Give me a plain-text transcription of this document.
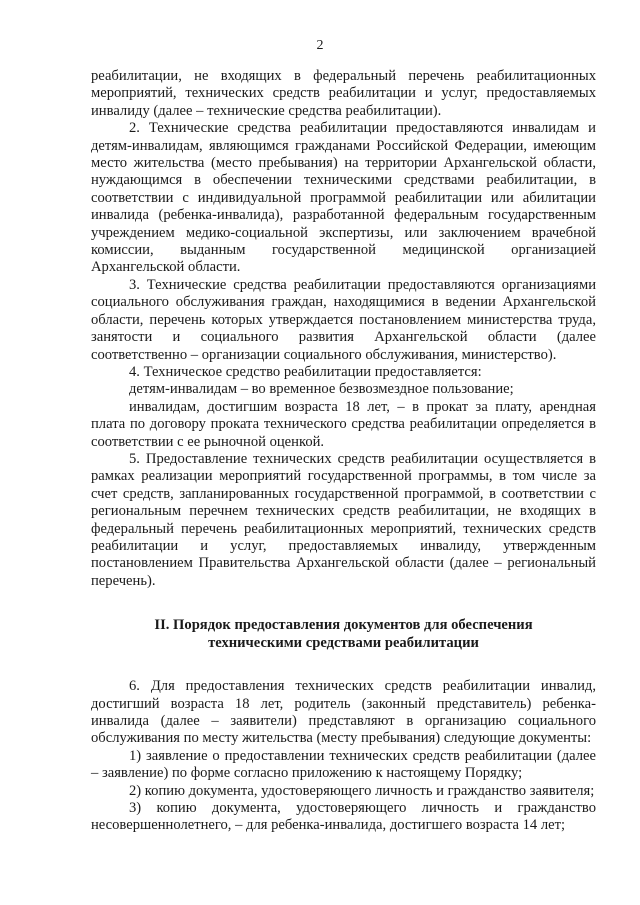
2

реабилитации, не входящих в федеральный перечень реабилитационных мероприятий, технических средств реабилитации и услуг, предоставляемых инвалиду (далее – технические средства реабилитации).

2. Технические средства реабилитации предоставляются инвалидам и детям-инвалидам, являющимся гражданами Российской Федерации, имеющим место жительства (место пребывания) на территории Архангельской области, нуждающимся в обеспечении техническими средствами реабилитации, в соответствии с индивидуальной программой реабилитации или абилитации инвалида (ребенка-инвалида), разработанной федеральным государственным учреждением медико-социальной экспертизы, или заключением врачебной комиссии, выданным государственной медицинской организацией Архангельской области.

3. Технические средства реабилитации предоставляются организациями социального обслуживания граждан, находящимися в ведении Архангельской области, перечень которых утверждается постановлением министерства труда, занятости и социального развития Архангельской области (далее соответственно – организации социального обслуживания, министерство).

4. Техническое средство реабилитации предоставляется:

детям-инвалидам – во временное безвозмездное пользование;

инвалидам, достигшим возраста 18 лет, – в прокат за плату, арендная плата по договору проката технического средства реабилитации определяется в соответствии с ее рыночной оценкой.

5. Предоставление технических средств реабилитации осуществляется в рамках реализации мероприятий государственной программы, в том числе за счет средств, запланированных государственной программой, в соответствии с региональным перечнем технических средств реабилитации, не входящих в федеральный перечень реабилитационных мероприятий, технических средств реабилитации и услуг, предоставляемых инвалиду, утвержденным постановлением Правительства Архангельской области (далее – региональный перечень).

II. Порядок предоставления документов для обеспечения
техническими средствами реабилитации

6. Для предоставления технических средств реабилитации инвалид, достигший возраста 18 лет, родитель (законный представитель) ребенка-инвалида (далее – заявители) представляют в организацию социального обслуживания по месту жительства (месту пребывания) следующие документы:

1) заявление о предоставлении технических средств реабилитации (далее – заявление) по форме согласно приложению к настоящему Порядку;

2) копию документа, удостоверяющего личность и гражданство заявителя;

3) копию документа, удостоверяющего личность и гражданство несовершеннолетнего, – для ребенка-инвалида, достигшего возраста 14 лет;
